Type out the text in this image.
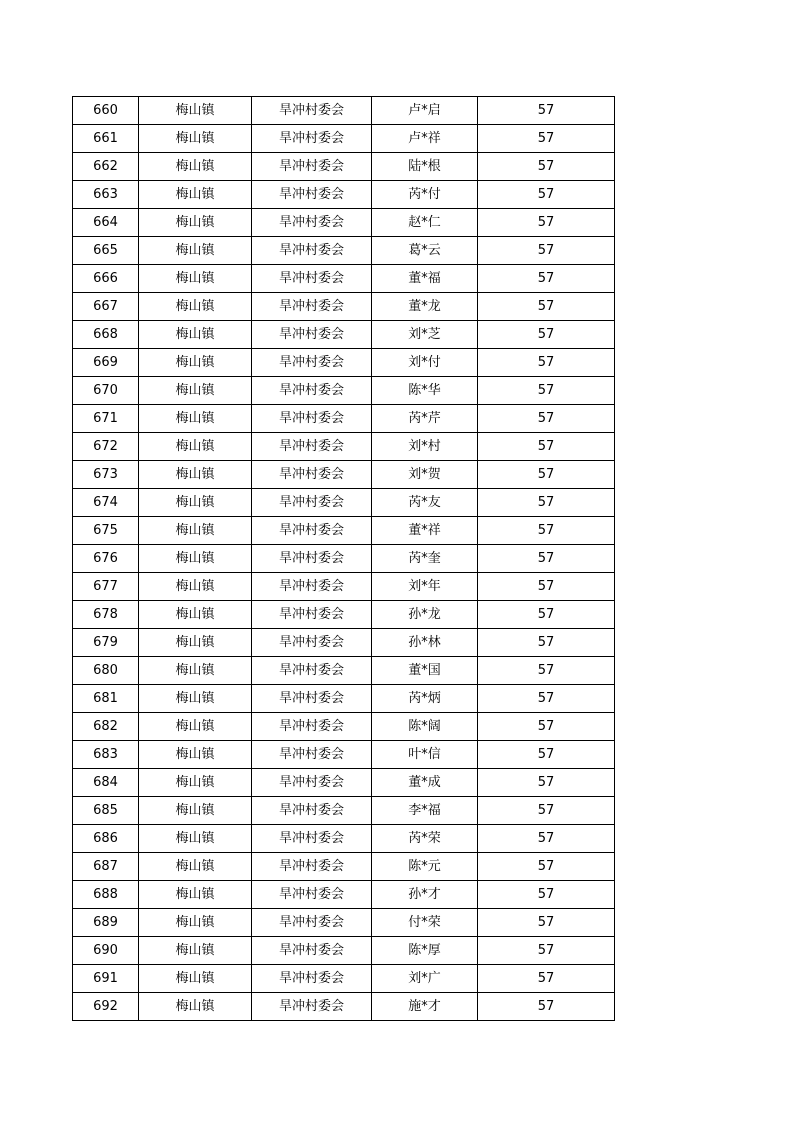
660	梅山镇	旱冲村委会	卢*启	57
661	梅山镇	旱冲村委会	卢*祥	57
662	梅山镇	旱冲村委会	陆*根	57
663	梅山镇	旱冲村委会	芮*付	57
664	梅山镇	旱冲村委会	赵*仁	57
665	梅山镇	旱冲村委会	葛*云	57
666	梅山镇	旱冲村委会	董*福	57
667	梅山镇	旱冲村委会	董*龙	57
668	梅山镇	旱冲村委会	刘*芝	57
669	梅山镇	旱冲村委会	刘*付	57
670	梅山镇	旱冲村委会	陈*华	57
671	梅山镇	旱冲村委会	芮*芹	57
672	梅山镇	旱冲村委会	刘*村	57
673	梅山镇	旱冲村委会	刘*贺	57
674	梅山镇	旱冲村委会	芮*友	57
675	梅山镇	旱冲村委会	董*祥	57
676	梅山镇	旱冲村委会	芮*奎	57
677	梅山镇	旱冲村委会	刘*年	57
678	梅山镇	旱冲村委会	孙*龙	57
679	梅山镇	旱冲村委会	孙*林	57
680	梅山镇	旱冲村委会	董*国	57
681	梅山镇	旱冲村委会	芮*炳	57
682	梅山镇	旱冲村委会	陈*阔	57
683	梅山镇	旱冲村委会	叶*信	57
684	梅山镇	旱冲村委会	董*成	57
685	梅山镇	旱冲村委会	李*福	57
686	梅山镇	旱冲村委会	芮*荣	57
687	梅山镇	旱冲村委会	陈*元	57
688	梅山镇	旱冲村委会	孙*才	57
689	梅山镇	旱冲村委会	付*荣	57
690	梅山镇	旱冲村委会	陈*厚	57
691	梅山镇	旱冲村委会	刘*广	57
692	梅山镇	旱冲村委会	施*才	57
